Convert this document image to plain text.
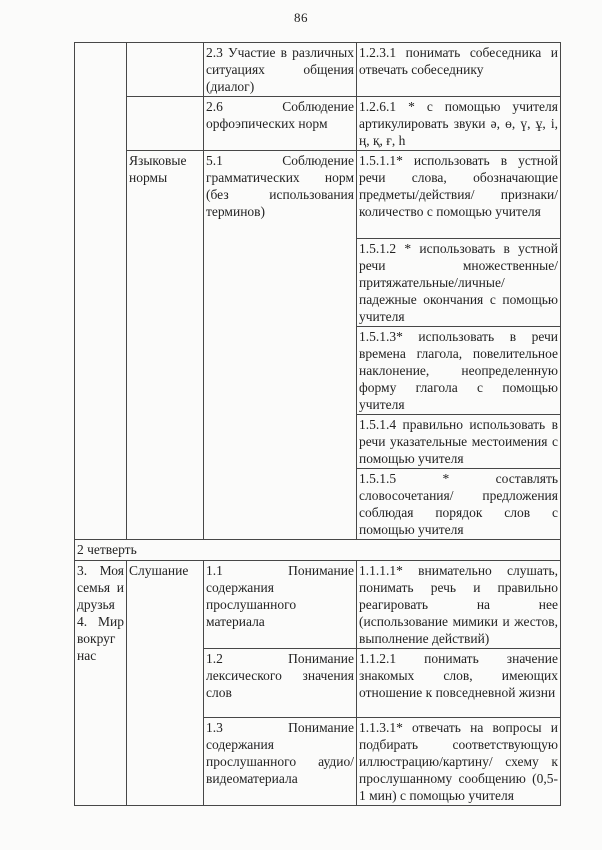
86
		2.3 Участие в различных ситуациях общения (диалог)	1.2.3.1 понимать собеседника и отвечать собеседнику
		2.6 Соблюдение орфоэпических норм	1.2.6.1 * с помощью учителя артикулировать звуки ә, ө, ү, ұ, і, ң, қ, ғ, h
	Языковые нормы	5.1 Соблюдение грамматических норм (без использования терминов)	1.5.1.1* использовать в устной речи слова, обозначающие предметы/действия/ признаки/количество с помощью учителя
			1.5.1.2 * использовать в устной речи множественные/ притяжательные/личные/падежные окончания с помощью учителя
			1.5.1.3* использовать в речи времена глагола, повелительное наклонение, неопределенную форму глагола с помощью учителя
			1.5.1.4 правильно использовать в речи указательные местоимения с помощью учителя
			1.5.1.5 * составлять словосочетания/ предложения соблюдая порядок слов с помощью учителя
2 четверть			
3. Моя семья и друзья 4. Мир вокруг нас	Слушание	1.1 Понимание содержания прослушанного материала	1.1.1.1* внимательно слушать, понимать речь и правильно реагировать на нее (использование мимики и жестов, выполнение действий)
		1.2 Понимание лексического значения слов	1.1.2.1 понимать значение знакомых слов, имеющих отношение к повседневной жизни
		1.3 Понимание содержания прослушанного аудио/видеоматериала	1.1.3.1* отвечать на вопросы и подбирать соответствующую иллюстрацию/картину/ схему к прослушанному сообщению (0,5-1 мин) с помощью учителя
